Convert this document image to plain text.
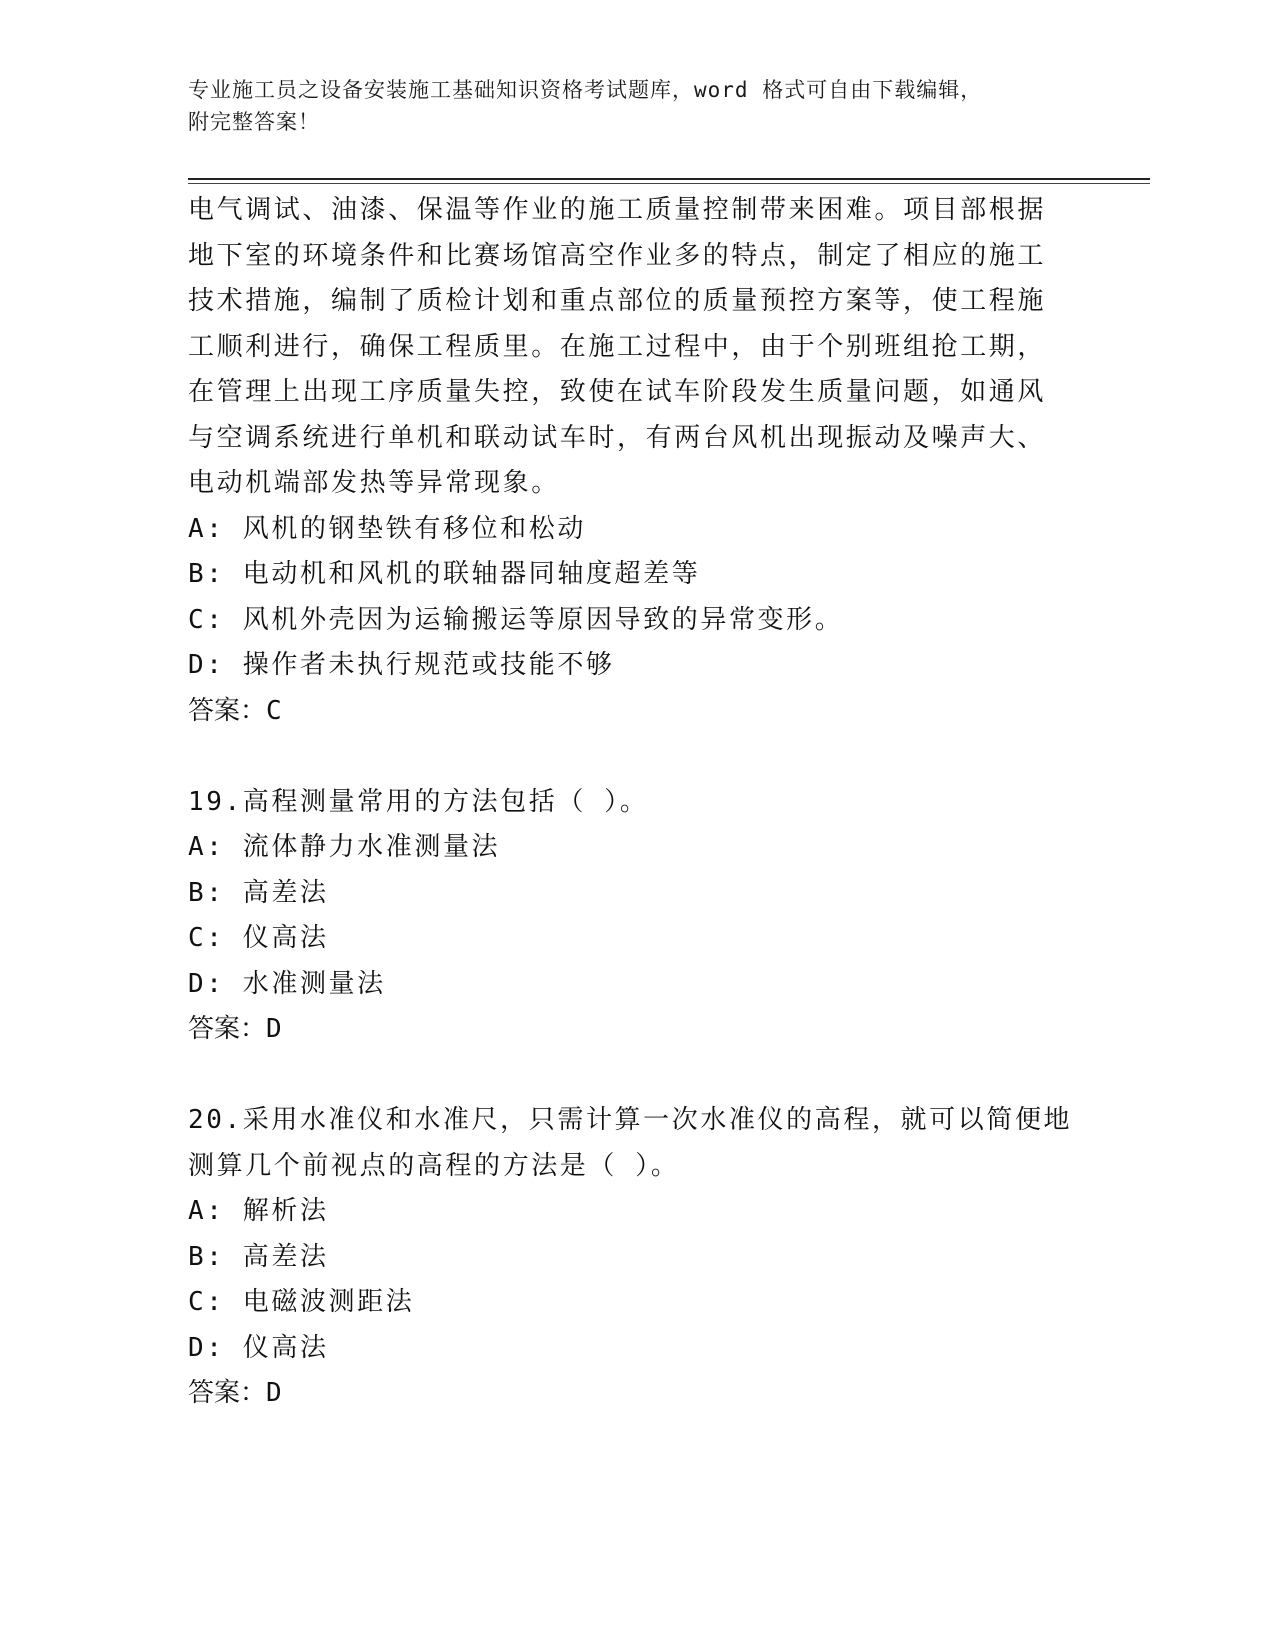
专业施工员之设备安装施工基础知识资格考试题库，word 格式可自由下载编辑，
附完整答案！
电气调试、油漆、保温等作业的施工质量控制带来困难。项目部根据
地下室的环境条件和比赛场馆高空作业多的特点，制定了相应的施工
技术措施，编制了质检计划和重点部位的质量预控方案等，使工程施
工顺利进行，确保工程质里。在施工过程中，由于个别班组抢工期，
在管理上出现工序质量失控，致使在试车阶段发生质量问题，如通风
与空调系统进行单机和联动试车时，有两台风机出现振动及噪声大、
电动机端部发热等异常现象。
A: 风机的钢垫铁有移位和松动
B: 电动机和风机的联轴器同轴度超差等
C: 风机外壳因为运输搬运等原因导致的异常变形。
D: 操作者未执行规范或技能不够
答案：C
19.高程测量常用的方法包括（ ）。
A: 流体静力水准测量法
B: 高差法
C: 仪高法
D: 水准测量法
答案：D
20.采用水准仪和水准尺，只需计算一次水准仪的高程，就可以简便地
测算几个前视点的高程的方法是（ ）。
A: 解析法
B: 高差法
C: 电磁波测距法
D: 仪高法
答案：D
